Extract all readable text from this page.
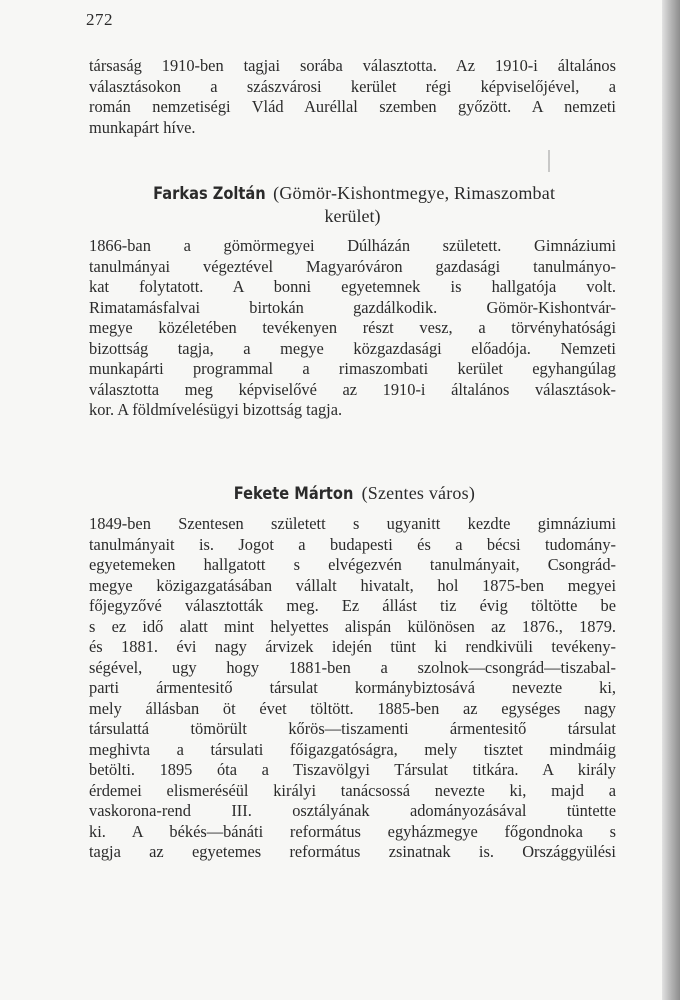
272
társaság 1910-ben tagjai sorába választotta. Az 1910-i általános
választásokon a szászvárosi kerület régi képviselőjével, a
román nemzetiségi Vlád Auréllal szemben győzött. A nemzeti
munkapárt híve.
Farkas Zoltán (Gömör-Kishontmegye, Rimaszombat
kerület)
1866-ban a gömörmegyei Dúlházán született. Gimnáziumi
tanulmányai végeztével Magyaróváron gazdasági tanulmányo-
kat folytatott. A bonni egyetemnek is hallgatója volt.
Rimatamásfalvai birtokán gazdálkodik. Gömör-Kishontvár-
megye közéletében tevékenyen részt vesz, a törvényhatósági
bizottság tagja, a megye közgazdasági előadója. Nemzeti
munkapárti programmal a rimaszombati kerület egyhangúlag
választotta meg képviselővé az 1910-i általános választások-
kor. A földmívelésügyi bizottság tagja.
Fekete Márton (Szentes város)
1849-ben Szentesen született s ugyanitt kezdte gimnáziumi
tanulmányait is. Jogot a budapesti és a bécsi tudomány-
egyetemeken hallgatott s elvégezvén tanulmányait, Csongrád-
megye közigazgatásában vállalt hivatalt, hol 1875-ben megyei
főjegyzővé választották meg. Ez állást tiz évig töltötte be
s ez idő alatt mint helyettes alispán különösen az 1876., 1879.
és 1881. évi nagy árvizek idején tünt ki rendkivüli tevékeny-
ségével, ugy hogy 1881-ben a szolnok—csongrád—tiszabal-
parti ármentesitő társulat kormánybiztosává nevezte ki,
mely állásban öt évet töltött. 1885-ben az egységes nagy
társulattá tömörült kőrös—tiszamenti ármentesitő társulat
meghivta a társulati főigazgatóságra, mely tisztet mindmáig
betölti. 1895 óta a Tiszavölgyi Társulat titkára. A király
érdemei elismeréséül királyi tanácsossá nevezte ki, majd a
vaskorona-rend III. osztályának adományozásával tüntette
ki. A békés—bánáti református egyházmegye főgondnoka s
tagja az egyetemes református zsinatnak is. Országgyülési
